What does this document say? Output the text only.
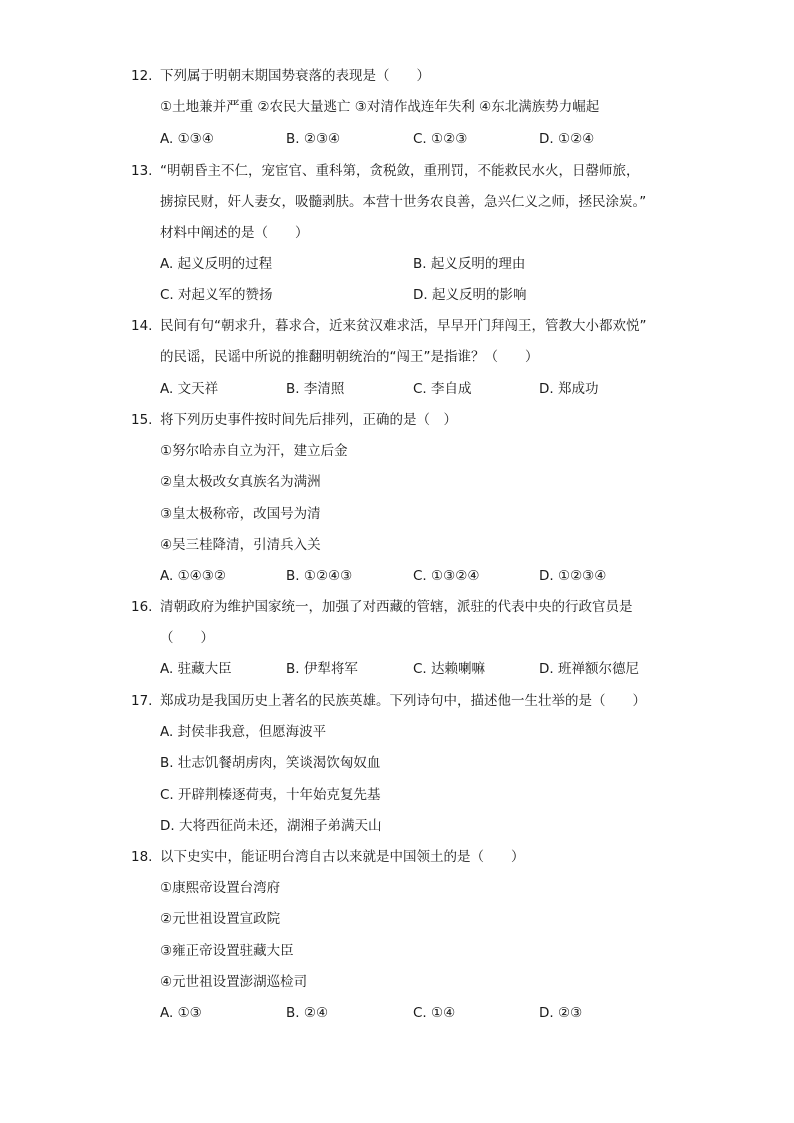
12. 下列属于明朝末期国势衰落的表现是（　　）
①土地兼并严重 ②农民大量逃亡 ③对清作战连年失利 ④东北满族势力崛起
A. ①③④	B. ②③④	C. ①②③	D. ①②④
13. “明朝昏主不仁，宠宦官、重科第，贪税敛，重刑罚，不能救民水火，日罄师旅，
掳掠民财，奸人妻女，吸髓剥肤。本营十世务农良善，急兴仁义之师，拯民涂炭。”
材料中阐述的是（　　）
A. 起义反明的过程	B. 起义反明的理由
C. 对起义军的赞扬	D. 起义反明的影响
14. 民间有句“朝求升，暮求合，近来贫汉难求活，早早开门拜闯王，管教大小都欢悦”
的民谣，民谣中所说的推翻明朝统治的“闯王”是指谁？（　　）
A. 文天祥	B. 李清照	C. 李自成	D. 郑成功
15. 将下列历史事件按时间先后排列，正确的是（　）
①努尔哈赤自立为汗，建立后金
②皇太极改女真族名为满洲
③皇太极称帝，改国号为清
④吴三桂降清，引清兵入关
A. ①④③②	B. ①②④③	C. ①③②④	D. ①②③④
16. 清朝政府为维护国家统一，加强了对西藏的管辖，派驻的代表中央的行政官员是
（　　）
A. 驻藏大臣	B. 伊犁将军	C. 达赖喇嘛	D. 班禅额尔德尼
17. 郑成功是我国历史上著名的民族英雄。下列诗句中，描述他一生壮举的是（　　）
A. 封侯非我意，但愿海波平
B. 壮志饥餐胡虏肉，笑谈渴饮匈奴血
C. 开辟荆榛逐荷夷，十年始克复先基
D. 大将西征尚未还，湖湘子弟满天山
18. 以下史实中，能证明台湾自古以来就是中国领土的是（　　）
①康熙帝设置台湾府
②元世祖设置宣政院
③雍正帝设置驻藏大臣
④元世祖设置澎湖巡检司
A. ①③	B. ②④	C. ①④	D. ②③
